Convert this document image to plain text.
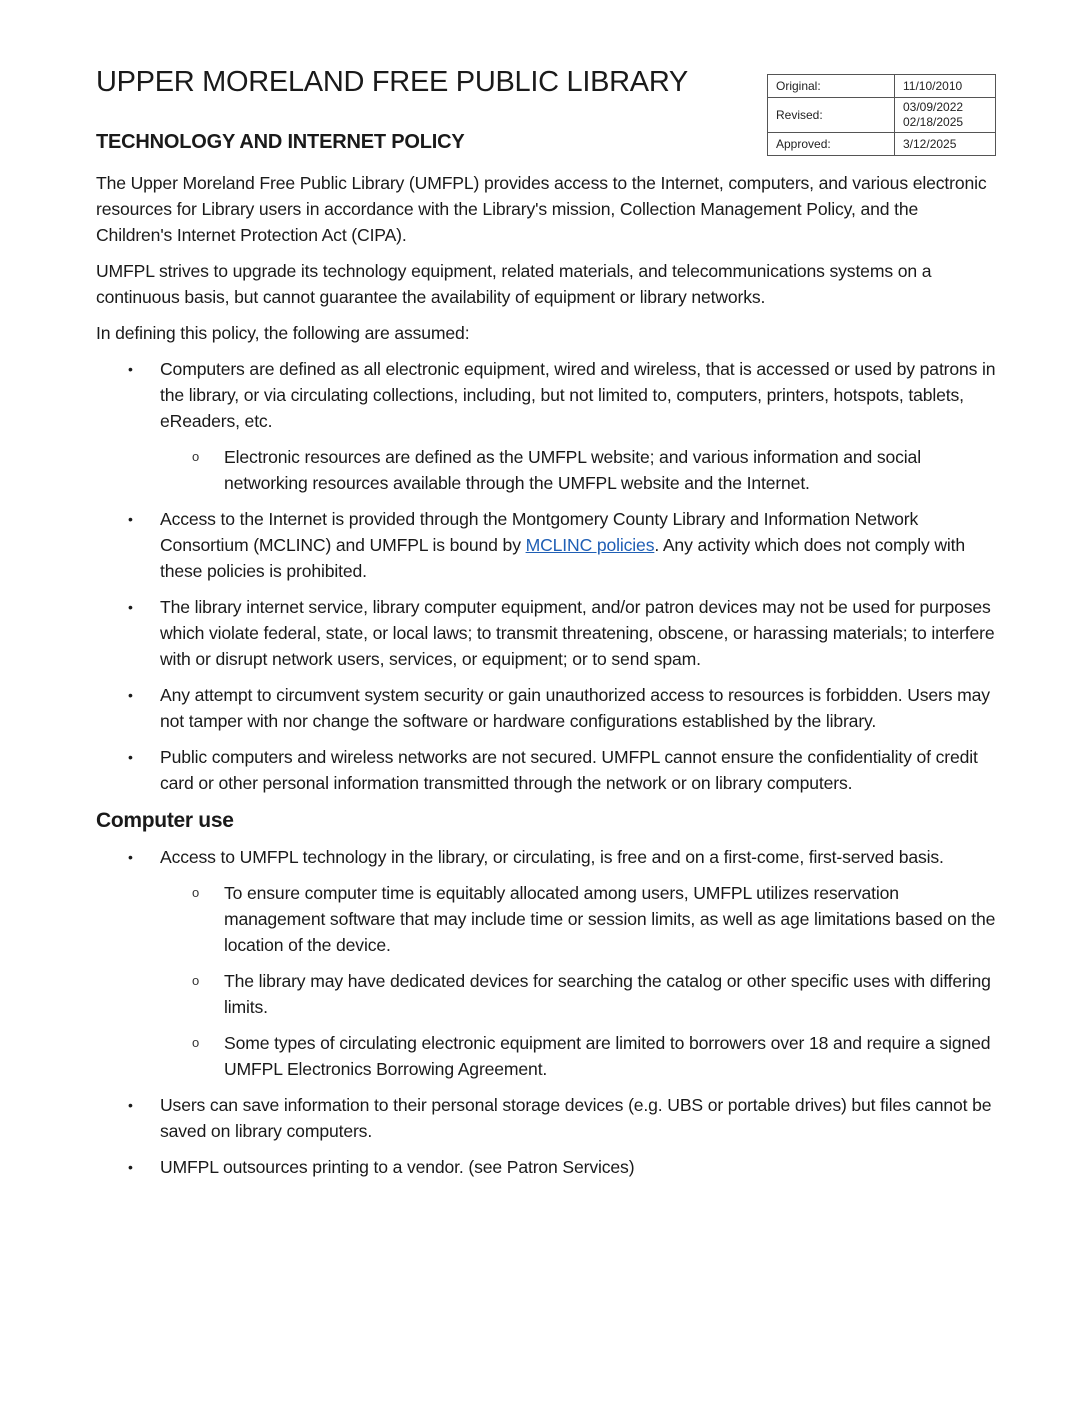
UPPER MORELAND FREE PUBLIC LIBRARY
TECHNOLOGY AND INTERNET POLICY
Original:	11/10/2010
Revised:	03/09/2022
02/18/2025

Approved:	3/12/2025

The Upper Moreland Free Public Library (UMFPL) provides access to the Internet, computers, and various electronic resources for Library users in accordance with the Library's mission, Collection Management Policy, and the Children's Internet Protection Act (CIPA).

UMFPL strives to upgrade its technology equipment, related materials, and telecommunications systems on a continuous basis, but cannot guarantee the availability of equipment or library networks.

In defining this policy, the following are assumed:

• Computers are defined as all electronic equipment, wired and wireless, that is accessed or used by patrons in the library, or via circulating collections, including, but not limited to, computers, printers, hotspots, tablets, eReaders, etc.
o Electronic resources are defined as the UMFPL website; and various information and social networking resources available through the UMFPL website and the Internet.
• Access to the Internet is provided through the Montgomery County Library and Information Network Consortium (MCLINC) and UMFPL is bound by MCLINC policies. Any activity which does not comply with these policies is prohibited.
• The library internet service, library computer equipment, and/or patron devices may not be used for purposes which violate federal, state, or local laws; to transmit threatening, obscene, or harassing materials; to interfere with or disrupt network users, services, or equipment; or to send spam.
• Any attempt to circumvent system security or gain unauthorized access to resources is forbidden. Users may not tamper with nor change the software or hardware configurations established by the library.
• Public computers and wireless networks are not secured. UMFPL cannot ensure the confidentiality of credit card or other personal information transmitted through the network or on library computers.
Computer use
• Access to UMFPL technology in the library, or circulating, is free and on a first-come, first-served basis.
o To ensure computer time is equitably allocated among users, UMFPL utilizes reservation management software that may include time or session limits, as well as age limitations based on the location of the device.
o The library may have dedicated devices for searching the catalog or other specific uses with differing limits.
o Some types of circulating electronic equipment are limited to borrowers over 18 and require a signed UMFPL Electronics Borrowing Agreement.
• Users can save information to their personal storage devices (e.g. UBS or portable drives) but files cannot be saved on library computers.
• UMFPL outsources printing to a vendor. (see Patron Services)
